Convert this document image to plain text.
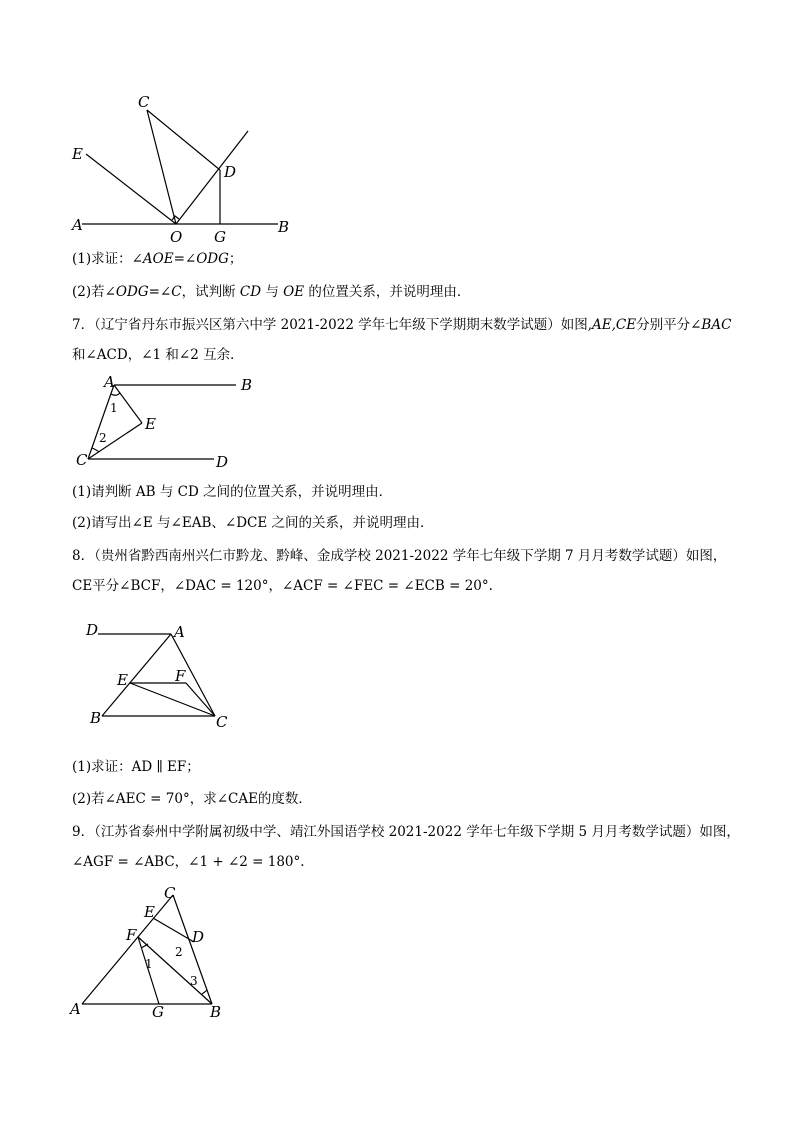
C
E
D
A
O G
B
(1)求证：∠AOE=∠ODG；
(2)若∠ODG=∠C，试判断 CD 与 OE 的位置关系，并说明理由．
7．（辽宁省丹东市振兴区第六中学 2021-2022 学年七年级下学期期末数学试题）如图,AE,CE分别平分∠BAC
和∠ACD，∠1 和∠2 互余．
A	B
E
C	D
1
2
(1)请判断 AB 与 CD 之间的位置关系，并说明理由．
(2)请写出∠E 与∠EAB、∠DCE 之间的关系，并说明理由．
8．（贵州省黔西南州兴仁市黔龙、黔峰、金成学校 2021-2022 学年七年级下学期 7 月月考数学试题）如图，
CE平分∠BCF，∠DAC = 120°，∠ACF = ∠FEC = ∠ECB = 20°.
D	A
E	F
B	C
(1)求证：AD ∥ EF；
(2)若∠AEC = 70°，求∠CAE的度数．
9．（江苏省泰州中学附属初级中学、靖江外国语学校 2021-2022 学年七年级下学期 5 月月考数学试题）如图，
∠AGF = ∠ABC，∠1 + ∠2 = 180°.
C
E
F	D
A	G	B
1
2
3
